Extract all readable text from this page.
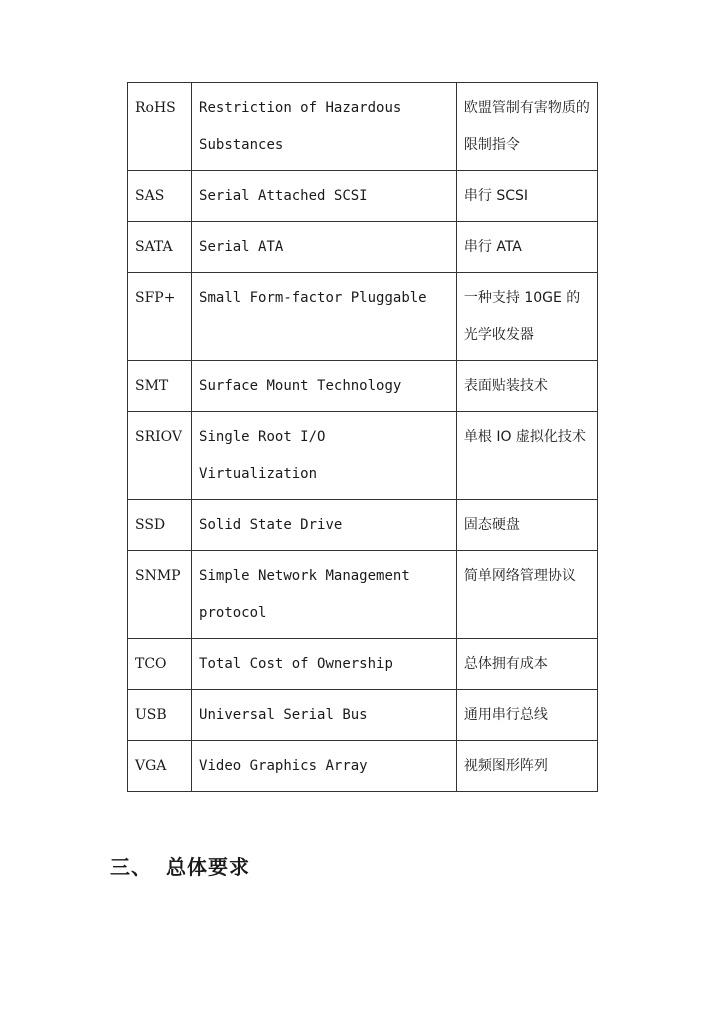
RoHS	Restriction of Hazardous Substances	欧盟管制有害物质的限制指令
SAS	Serial Attached SCSI	串行 SCSI
SATA	Serial ATA	串行 ATA
SFP+	Small Form-factor Pluggable	一种支持 10GE 的光学收发器
SMT	Surface Mount Technology	表面贴装技术
SRIOV	Single Root I/O Virtualization	单根 IO 虚拟化技术
SSD	Solid State Drive	固态硬盘
SNMP	Simple Network Management protocol	简单网络管理协议
TCO	Total Cost of Ownership	总体拥有成本
USB	Universal Serial Bus	通用串行总线
VGA	Video Graphics Array	视频图形阵列
三、 总体要求
